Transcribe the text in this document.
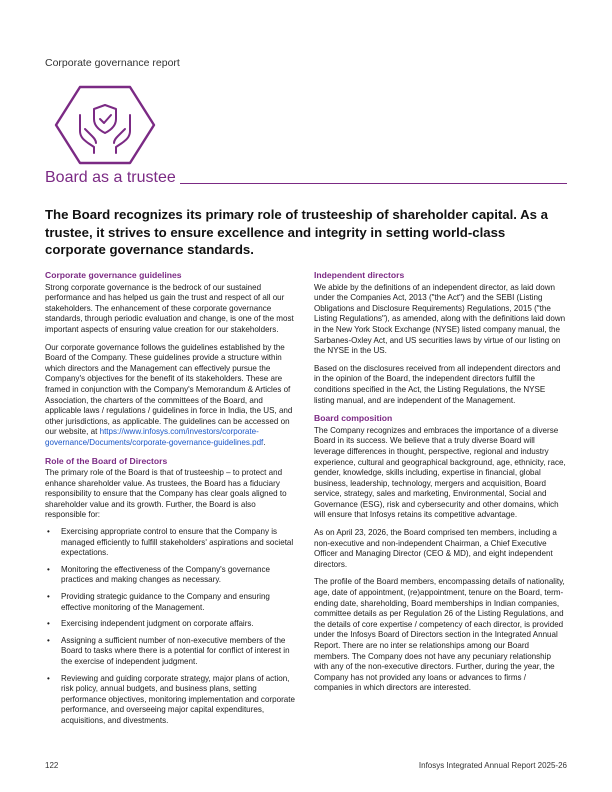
Corporate governance report
Board as a trustee
The Board recognizes its primary role of trusteeship of shareholder capital. As a trustee, it strives to ensure excellence and integrity in setting world-class corporate governance standards.
Corporate governance guidelines

Strong corporate governance is the bedrock of our sustained performance and has helped us gain the trust and respect of all our stakeholders. The enhancement of these corporate governance standards, through periodic evaluation and change, is one of the most important aspects of ensuring value creation for our stakeholders.

Our corporate governance follows the guidelines established by the Board of the Company. These guidelines provide a structure within which directors and the Management can effectively pursue the Company's objectives for the benefit of its stakeholders. These are framed in conjunction with the Company's Memorandum & Articles of Association, the charters of the committees of the Board, and applicable laws / regulations / guidelines in force in India, the US, and other jurisdictions, as applicable. The guidelines can be accessed on our website, at https://www.infosys.com/investors/corporate-governance/Documents/corporate-governance-guidelines.pdf.

Role of the Board of Directors

The primary role of the Board is that of trusteeship – to protect and enhance shareholder value. As trustees, the Board has a fiduciary responsibility to ensure that the Company has clear goals aligned to shareholder value and its growth. Further, the Board is also responsible for:

• Exercising appropriate control to ensure that the Company is managed efficiently to fulfill stakeholders' aspirations and societal expectations.
• Monitoring the effectiveness of the Company's governance practices and making changes as necessary.
• Providing strategic guidance to the Company and ensuring effective monitoring of the Management.
• Exercising independent judgment on corporate affairs.
• Assigning a sufficient number of non-executive members of the Board to tasks where there is a potential for conflict of interest in the exercise of independent judgment.
• Reviewing and guiding corporate strategy, major plans of action, risk policy, annual budgets, and business plans, setting performance objectives, monitoring implementation and corporate performance, and overseeing major capital expenditures, acquisitions, and divestments.
Independent directors

We abide by the definitions of an independent director, as laid down under the Companies Act, 2013 ("the Act") and the SEBI (Listing Obligations and Disclosure Requirements) Regulations, 2015 ("the Listing Regulations"), as amended, along with the definitions laid down in the New York Stock Exchange (NYSE) listed company manual, the Sarbanes-Oxley Act, and US securities laws by virtue of our listing on the NYSE in the US.

Based on the disclosures received from all independent directors and in the opinion of the Board, the independent directors fulfill the conditions specified in the Act, the Listing Regulations, the NYSE listing manual, and are independent of the Management.

Board composition

The Company recognizes and embraces the importance of a diverse Board in its success. We believe that a truly diverse Board will leverage differences in thought, perspective, regional and industry experience, cultural and geographical background, age, ethnicity, race, gender, knowledge, skills including, expertise in financial, global business, leadership, technology, mergers and acquisition, Board service, strategy, sales and marketing, Environmental, Social and Governance (ESG), risk and cybersecurity and other domains, which will ensure that Infosys retains its competitive advantage.

As on April 23, 2026, the Board comprised ten members, including a non-executive and non-independent Chairman, a Chief Executive Officer and Managing Director (CEO & MD), and eight independent directors.

The profile of the Board members, encompassing details of nationality, age, date of appointment, (re)appointment, tenure on the Board, term-ending date, shareholding, Board memberships in Indian companies, committee details as per Regulation 26 of the Listing Regulations, and the details of core expertise / competency of each director, is provided under the Infosys Board of Directors section in the Integrated Annual Report. There are no inter se relationships among our Board members. The Company does not have any pecuniary relationship with any of the non-executive directors. Further, during the year, the Company has not provided any loans or advances to firms / companies in which directors are interested.

122	Infosys Integrated Annual Report 2025-26
